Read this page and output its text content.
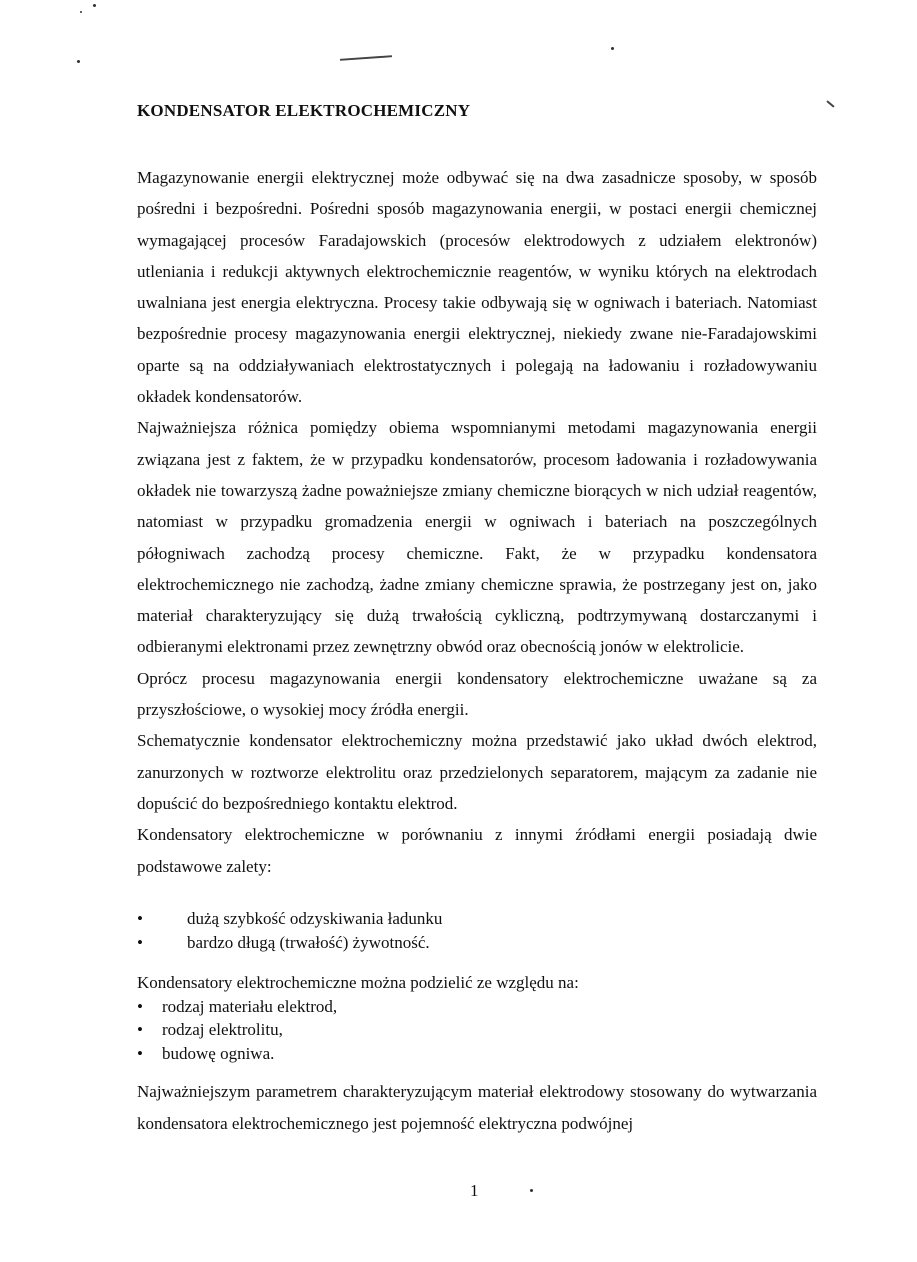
KONDENSATOR ELEKTROCHEMICZNY

Magazynowanie energii elektrycznej może odbywać się na dwa zasadnicze sposoby, w sposób pośredni i bezpośredni. Pośredni sposób magazynowania energii, w postaci energii chemicznej wymagającej procesów Faradajowskich (procesów elektrodowych z udziałem elektronów) utleniania i redukcji aktywnych elektrochemicznie reagentów, w wyniku których na elektrodach uwalniana jest energia elektryczna. Procesy takie odbywają się w ogniwach i bateriach. Natomiast bezpośrednie procesy magazynowania energii elektrycznej, niekiedy zwane nie-Faradajowskimi oparte są na oddziaływaniach elektrostatycznych i polegają na ładowaniu i rozładowywaniu okładek kondensatorów.

Najważniejsza różnica pomiędzy obiema wspomnianymi metodami magazynowania energii związana jest z faktem, że w przypadku kondensatorów, procesom ładowania i rozładowywania okładek nie towarzyszą żadne poważniejsze zmiany chemiczne biorących w nich udział reagentów, natomiast w przypadku gromadzenia energii w ogniwach i bateriach na poszczególnych półogniwach zachodzą procesy chemiczne. Fakt, że w przypadku kondensatora elektrochemicznego nie zachodzą, żadne zmiany chemiczne sprawia, że postrzegany jest on, jako materiał charakteryzujący się dużą trwałością cykliczną, podtrzymywaną dostarczanymi i odbieranymi elektronami przez zewnętrzny obwód oraz obecnością jonów w elektrolicie.

Oprócz procesu magazynowania energii kondensatory elektrochemiczne uważane są za przyszłościowe, o wysokiej mocy źródła energii.

Schematycznie kondensator elektrochemiczny można przedstawić jako układ dwóch elektrod, zanurzonych w roztworze elektrolitu oraz przedzielonych separatorem, mającym za zadanie nie dopuścić do bezpośredniego kontaktu elektrod.

Kondensatory elektrochemiczne w porównaniu z innymi źródłami energii posiadają dwie podstawowe zalety:

•	dużą szybkość odzyskiwania ładunku
•	bardzo długą (trwałość) żywotność.
Kondensatory elektrochemiczne można podzielić ze względu na:
• rodzaj materiału elektrod,
• rodzaj elektrolitu,
• budowę ogniwa.
Najważniejszym parametrem charakteryzującym materiał elektrodowy stosowany do wytwarzania kondensatora elektrochemicznego jest pojemność elektryczna podwójnej
1
